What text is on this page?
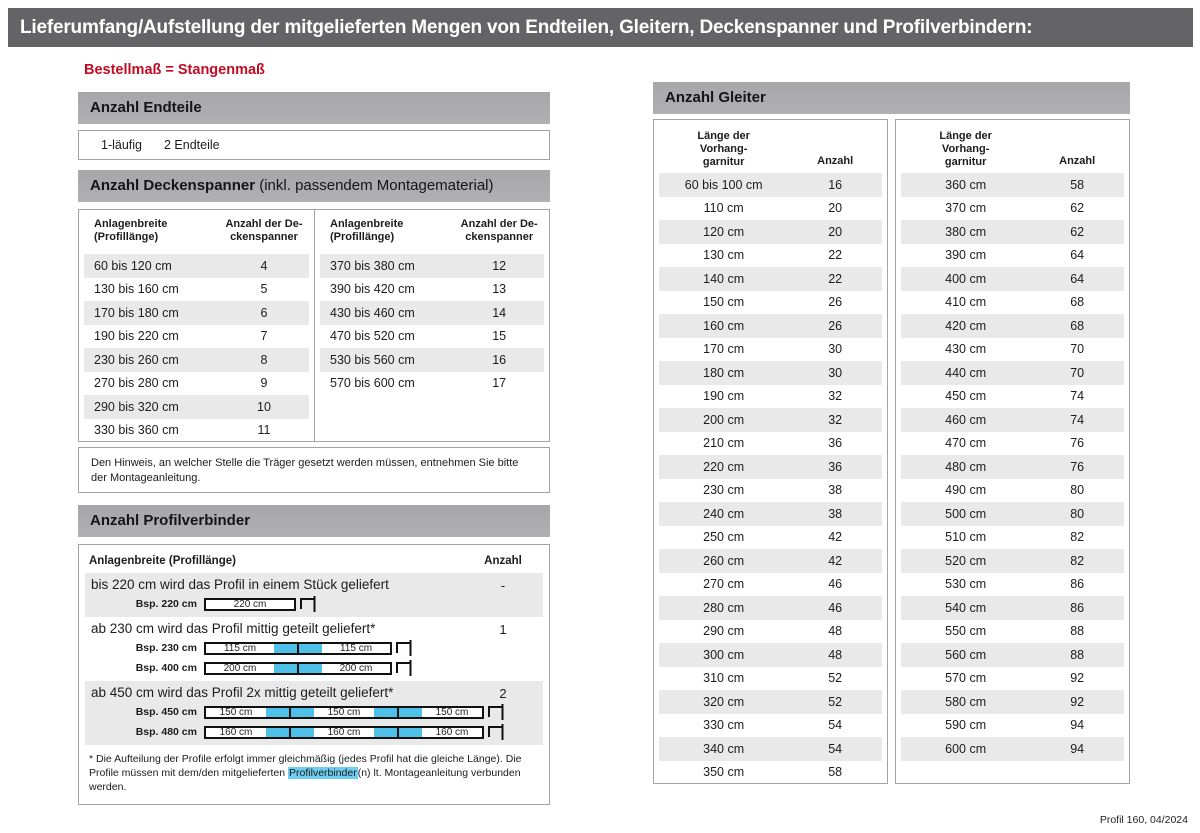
Lieferumfang/Aufstellung der mitgelieferten Mengen von Endteilen, Gleitern, Deckenspanner und Profilverbindern:
Bestellmaß = Stangenmaß
Anzahl Endteile
1-läufig	2 Endteile
Anzahl Deckenspanner (inkl. passendem Montagematerial)
Anlagenbreite
(Profillänge)
Anzahl der De-
ckenspanner
60 bis 120 cm	4
130 bis 160 cm	5
170 bis 180 cm	6
190 bis 220 cm	7
230 bis 260 cm	8
270 bis 280 cm	9
290 bis 320 cm	10
330 bis 360 cm	11
Anlagenbreite
(Profillänge)
Anzahl der De-
ckenspanner
370 bis 380 cm	12
390 bis 420 cm	13
430 bis 460 cm	14
470 bis 520 cm	15
530 bis 560 cm	16
570 bis 600 cm	17
Den Hinweis, an welcher Stelle die Träger gesetzt werden müssen, entnehmen Sie bitte der Montageanleitung.
Anzahl Profilverbinder
Anlagenbreite (Profillänge)	Anzahl
bis 220 cm wird das Profil in einem Stück geliefert	-
Bsp. 220 cm	220 cm
ab 230 cm wird das Profil mittig geteilt geliefert*	1
Bsp. 230 cm	115 cm	115 cm
Bsp. 400 cm	200 cm	200 cm
ab 450 cm wird das Profil 2x mittig geteilt geliefert*	2
Bsp. 450 cm	150 cm	150 cm	150 cm
Bsp. 480 cm	160 cm	160 cm	160 cm
* Die Aufteilung der Profile erfolgt immer gleichmäßig (jedes Profil hat die gleiche Länge). Die Profile müssen mit dem/den mitgelieferten Profilverbinder(n) lt. Montageanleitung verbunden werden.
Anzahl Gleiter
Länge der
Vorhang-
garnitur	Anzahl
60 bis 100 cm	16
110 cm	20
120 cm	20
130 cm	22
140 cm	22
150 cm	26
160 cm	26
170 cm	30
180 cm	30
190 cm	32
200 cm	32
210 cm	36
220 cm	36
230 cm	38
240 cm	38
250 cm	42
260 cm	42
270 cm	46
280 cm	46
290 cm	48
300 cm	48
310 cm	52
320 cm	52
330 cm	54
340 cm	54
350 cm	58
Länge der
Vorhang-
garnitur	Anzahl
360 cm	58
370 cm	62
380 cm	62
390 cm	64
400 cm	64
410 cm	68
420 cm	68
430 cm	70
440 cm	70
450 cm	74
460 cm	74
470 cm	76
480 cm	76
490 cm	80
500 cm	80
510 cm	82
520 cm	82
530 cm	86
540 cm	86
550 cm	88
560 cm	88
570 cm	92
580 cm	92
590 cm	94
600 cm	94
Profil 160, 04/2024
